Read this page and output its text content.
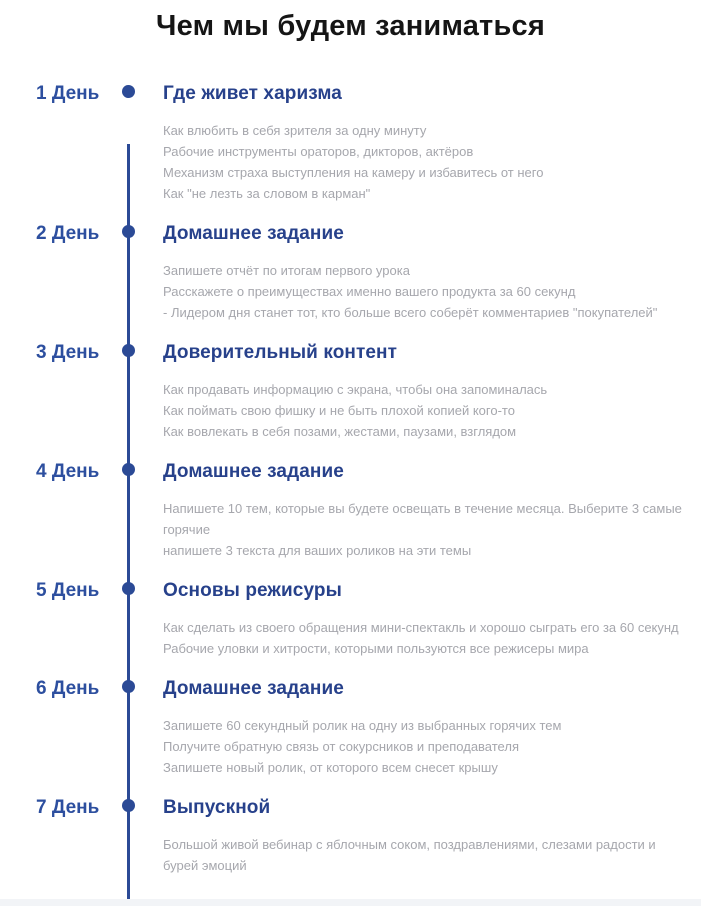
Чем мы будем заниматься
1 День	Где живет харизма
Как влюбить в себя зрителя за одну минуту
Рабочие инструменты ораторов, дикторов, актёров
Механизм страха выступления на камеру и избавитесь от него
Как "не лезть за словом в карман"
2 День	Домашнее задание
Запишете отчёт по итогам первого урока
Расскажете о преимуществах именно вашего продукта за 60 секунд
- Лидером дня станет тот, кто больше всего соберёт комментариев "покупателей"
3 День	Доверительный контент
Как продавать информацию с экрана, чтобы она запоминалась
Как поймать свою фишку и не быть плохой копией кого-то
Как вовлекать в себя позами, жестами, паузами, взглядом
4 День	Домашнее задание
Напишете 10 тем, которые вы будете освещать в течение месяца. Выберите 3 самые горячие
напишете 3 текста для ваших роликов на эти темы
5 День	Основы режисуры
Как сделать из своего обращения мини-спектакль и хорошо сыграть его за 60 секунд
Рабочие уловки и хитрости, которыми пользуются все режисеры мира
6 День	Домашнее задание
Запишете 60 секундный ролик на одну из выбранных горячих тем
Получите обратную связь от сокурсников и преподавателя
Запишете новый ролик, от которого всем снесет крышу
7 День	Выпускной
Большой живой вебинар с яблочным соком, поздравлениями, слезами радости и бурей эмоций
